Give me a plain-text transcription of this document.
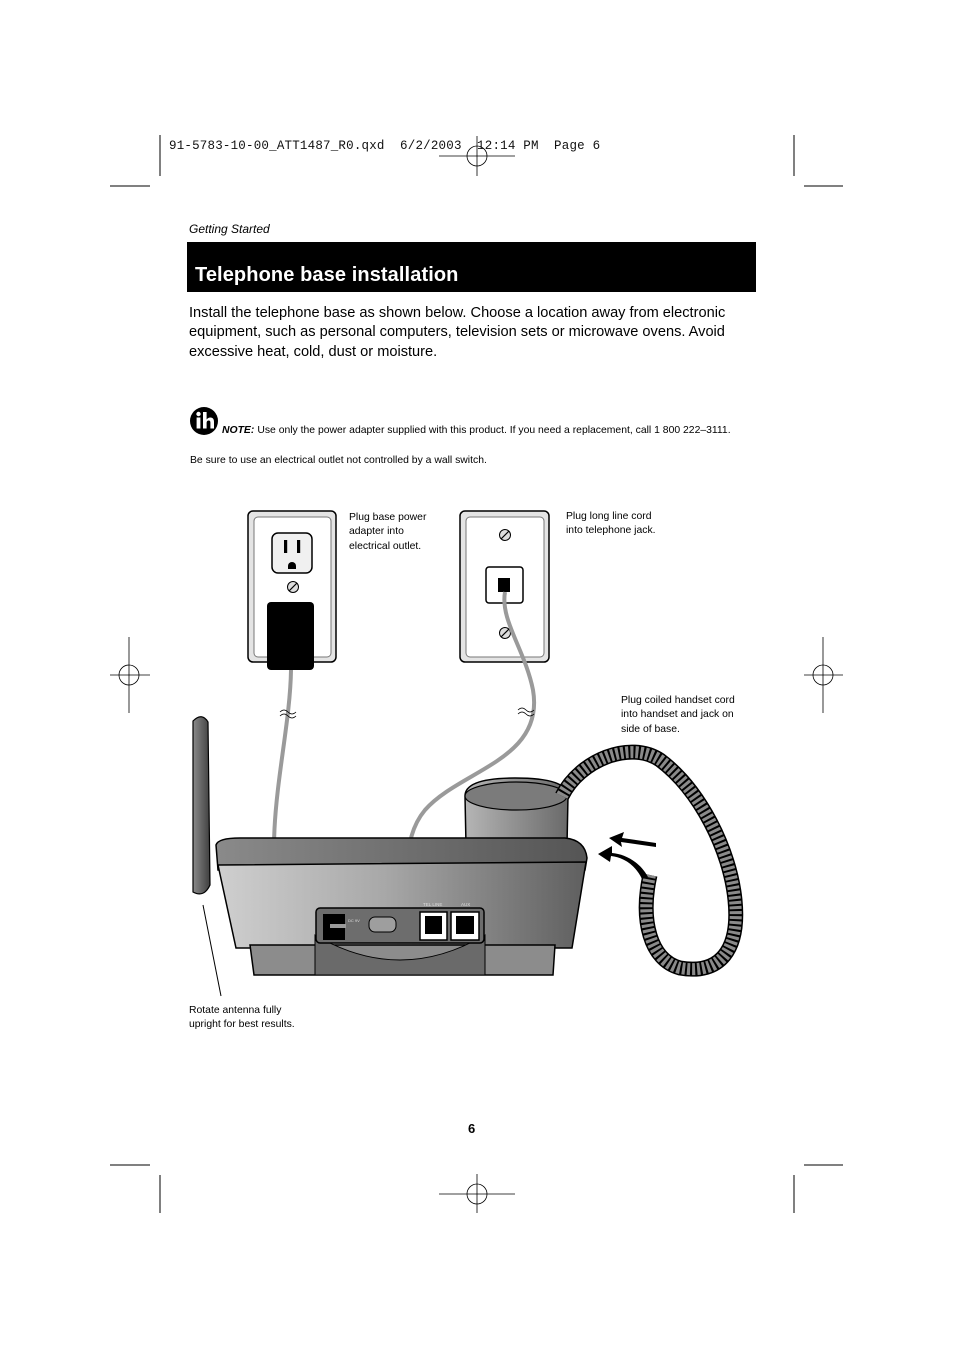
91-5783-10-00_ATT1487_R0.qxd  6/2/2003  12:14 PM  Page 6
Getting Started
Telephone base installation
Install the telephone base as shown below. Choose a location away from electronic equipment, such as personal computers, television sets or microwave ovens. Avoid excessive heat, cold, dust or moisture.
NOTE: Use only the power adapter supplied with this product. If you need a replacement, call 1 800 222–3111.
Be sure to use an electrical outlet not controlled by a wall switch.
DC 9V
TEL LINE	AUX
Plug base power
adapter into
electrical outlet.
Plug long line cord
into telephone jack.
Plug coiled handset cord
into handset and jack on
side of base.
Rotate antenna fully
upright for best results.
6
